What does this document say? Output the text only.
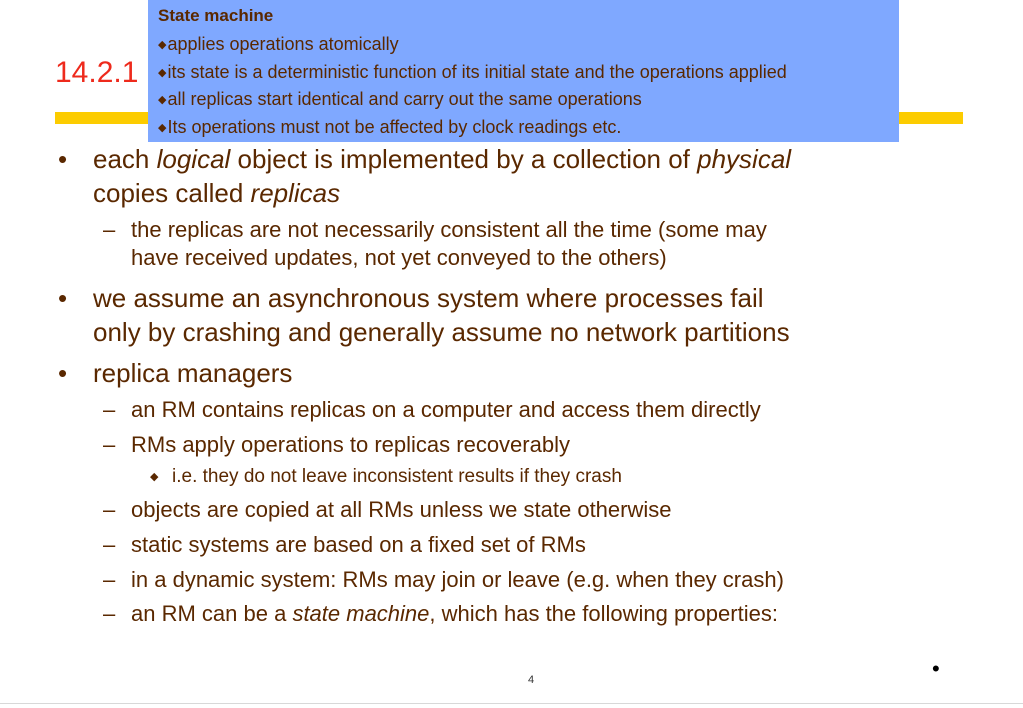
14.2.1
• each logical object is implemented by a collection of physical
copies called replicas
– the replicas are not necessarily consistent all the time (some may
have received updates, not yet conveyed to the others)
• we assume an asynchronous system where processes fail
only by crashing and generally assume no network partitions
• replica managers
– an RM contains replicas on a computer and access them directly
– RMs apply operations to replicas recoverably
◆ i.e. they do not leave inconsistent results if they crash
– objects are copied at all RMs unless we state otherwise
– static systems are based on a fixed set of RMs
– in a dynamic system: RMs may join or leave (e.g. when they crash)
– an RM can be a state machine, which has the following properties:
State machine
◆applies operations atomically
◆its state is a deterministic function of its initial state and the operations applied
◆all replicas start identical and carry out the same operations
◆Its operations must not be affected by clock readings etc.
4	•
